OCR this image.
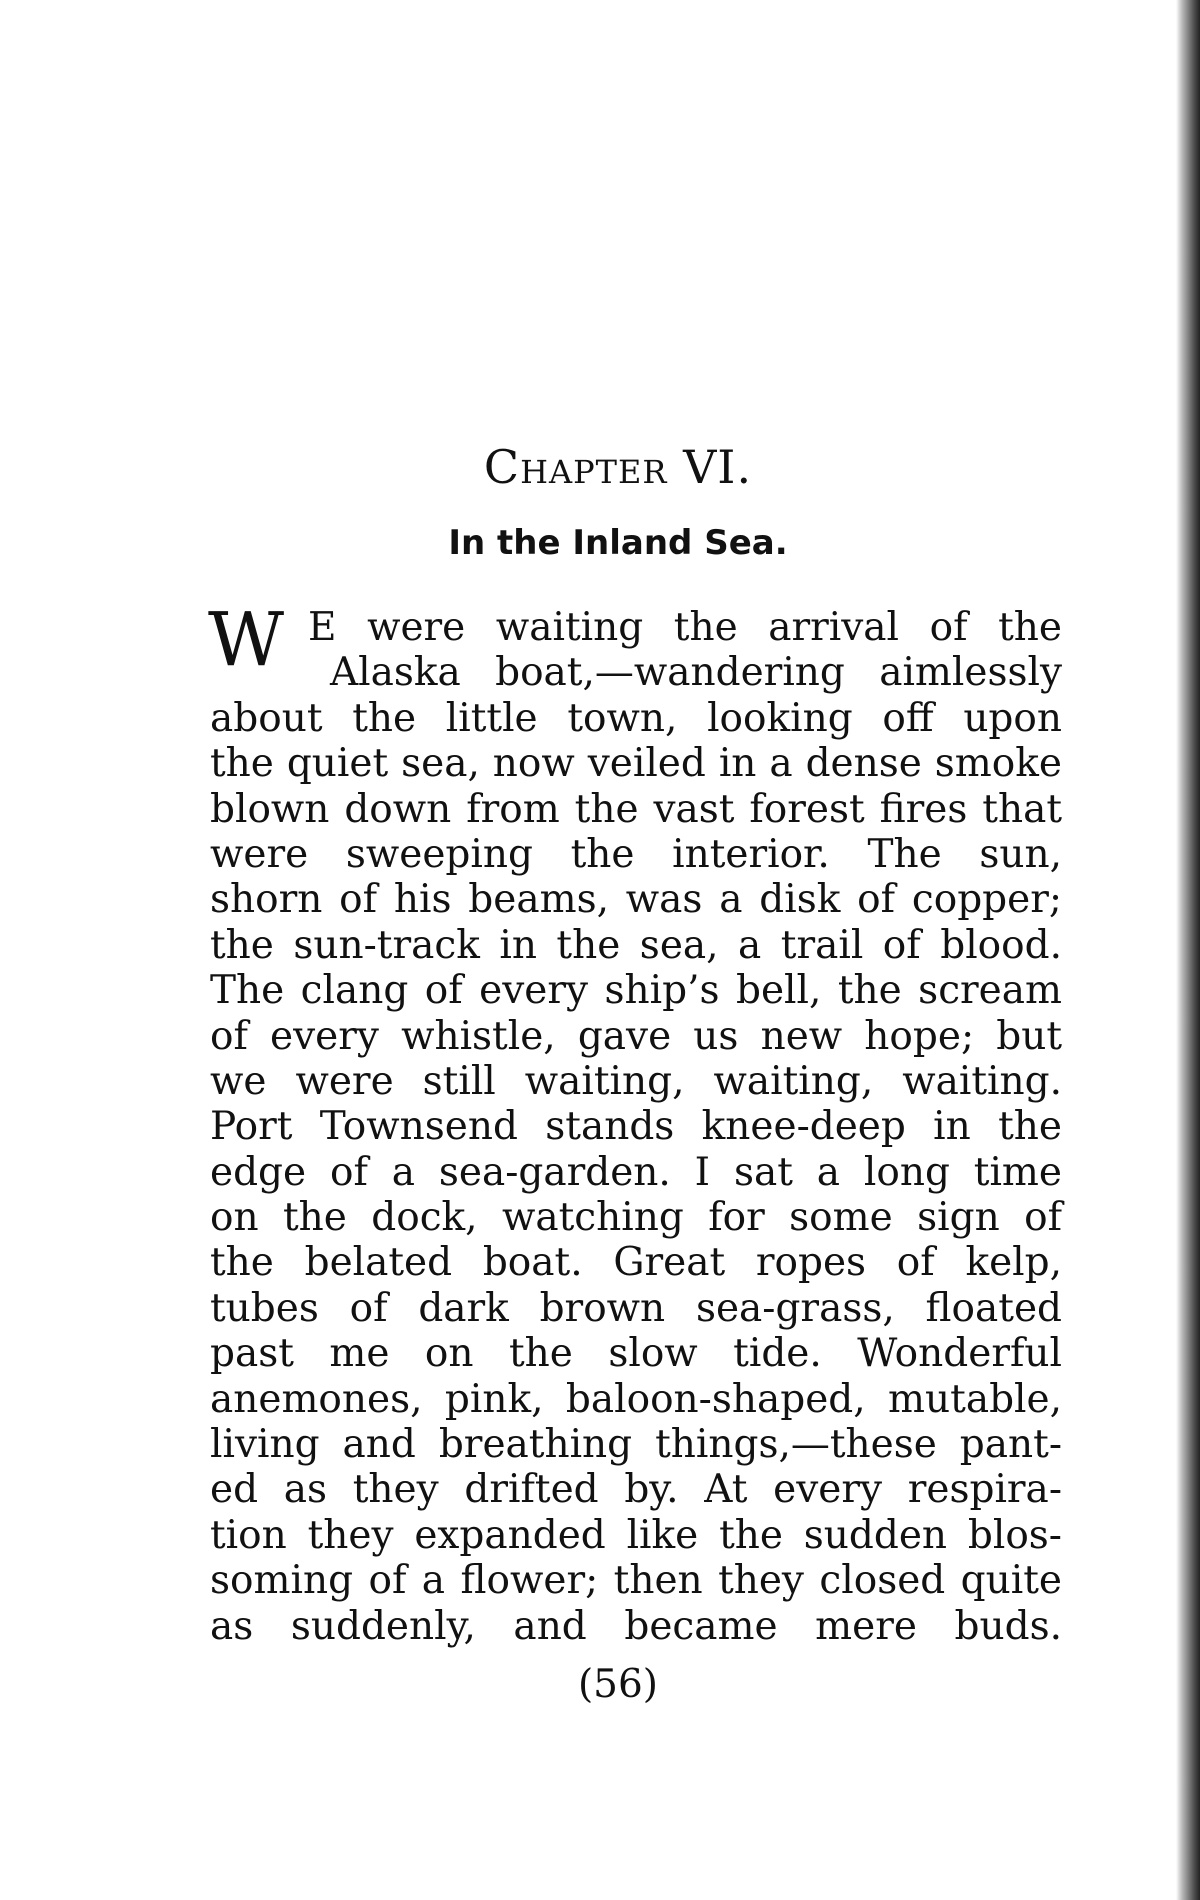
Chapter VI.
In the Inland Sea.
W E were waiting the arrival of the
Alaska boat,—wandering aimlessly
about the little town, looking off upon
the quiet sea, now veiled in a dense smoke
blown down from the vast forest fires that
were sweeping the interior. The sun,
shorn of his beams, was a disk of copper;
the sun-track in the sea, a trail of blood.
The clang of every ship’s bell, the scream
of every whistle, gave us new hope; but
we were still waiting, waiting, waiting.
Port Townsend stands knee-deep in the
edge of a sea-garden. I sat a long time
on the dock, watching for some sign of
the belated boat. Great ropes of kelp,
tubes of dark brown sea-grass, floated
past me on the slow tide. Wonderful
anemones, pink, baloon-shaped, mutable,
living and breathing things,—these pant-
ed as they drifted by. At every respira-
tion they expanded like the sudden blos-
soming of a flower; then they closed quite
as suddenly, and became mere buds.
(56)
